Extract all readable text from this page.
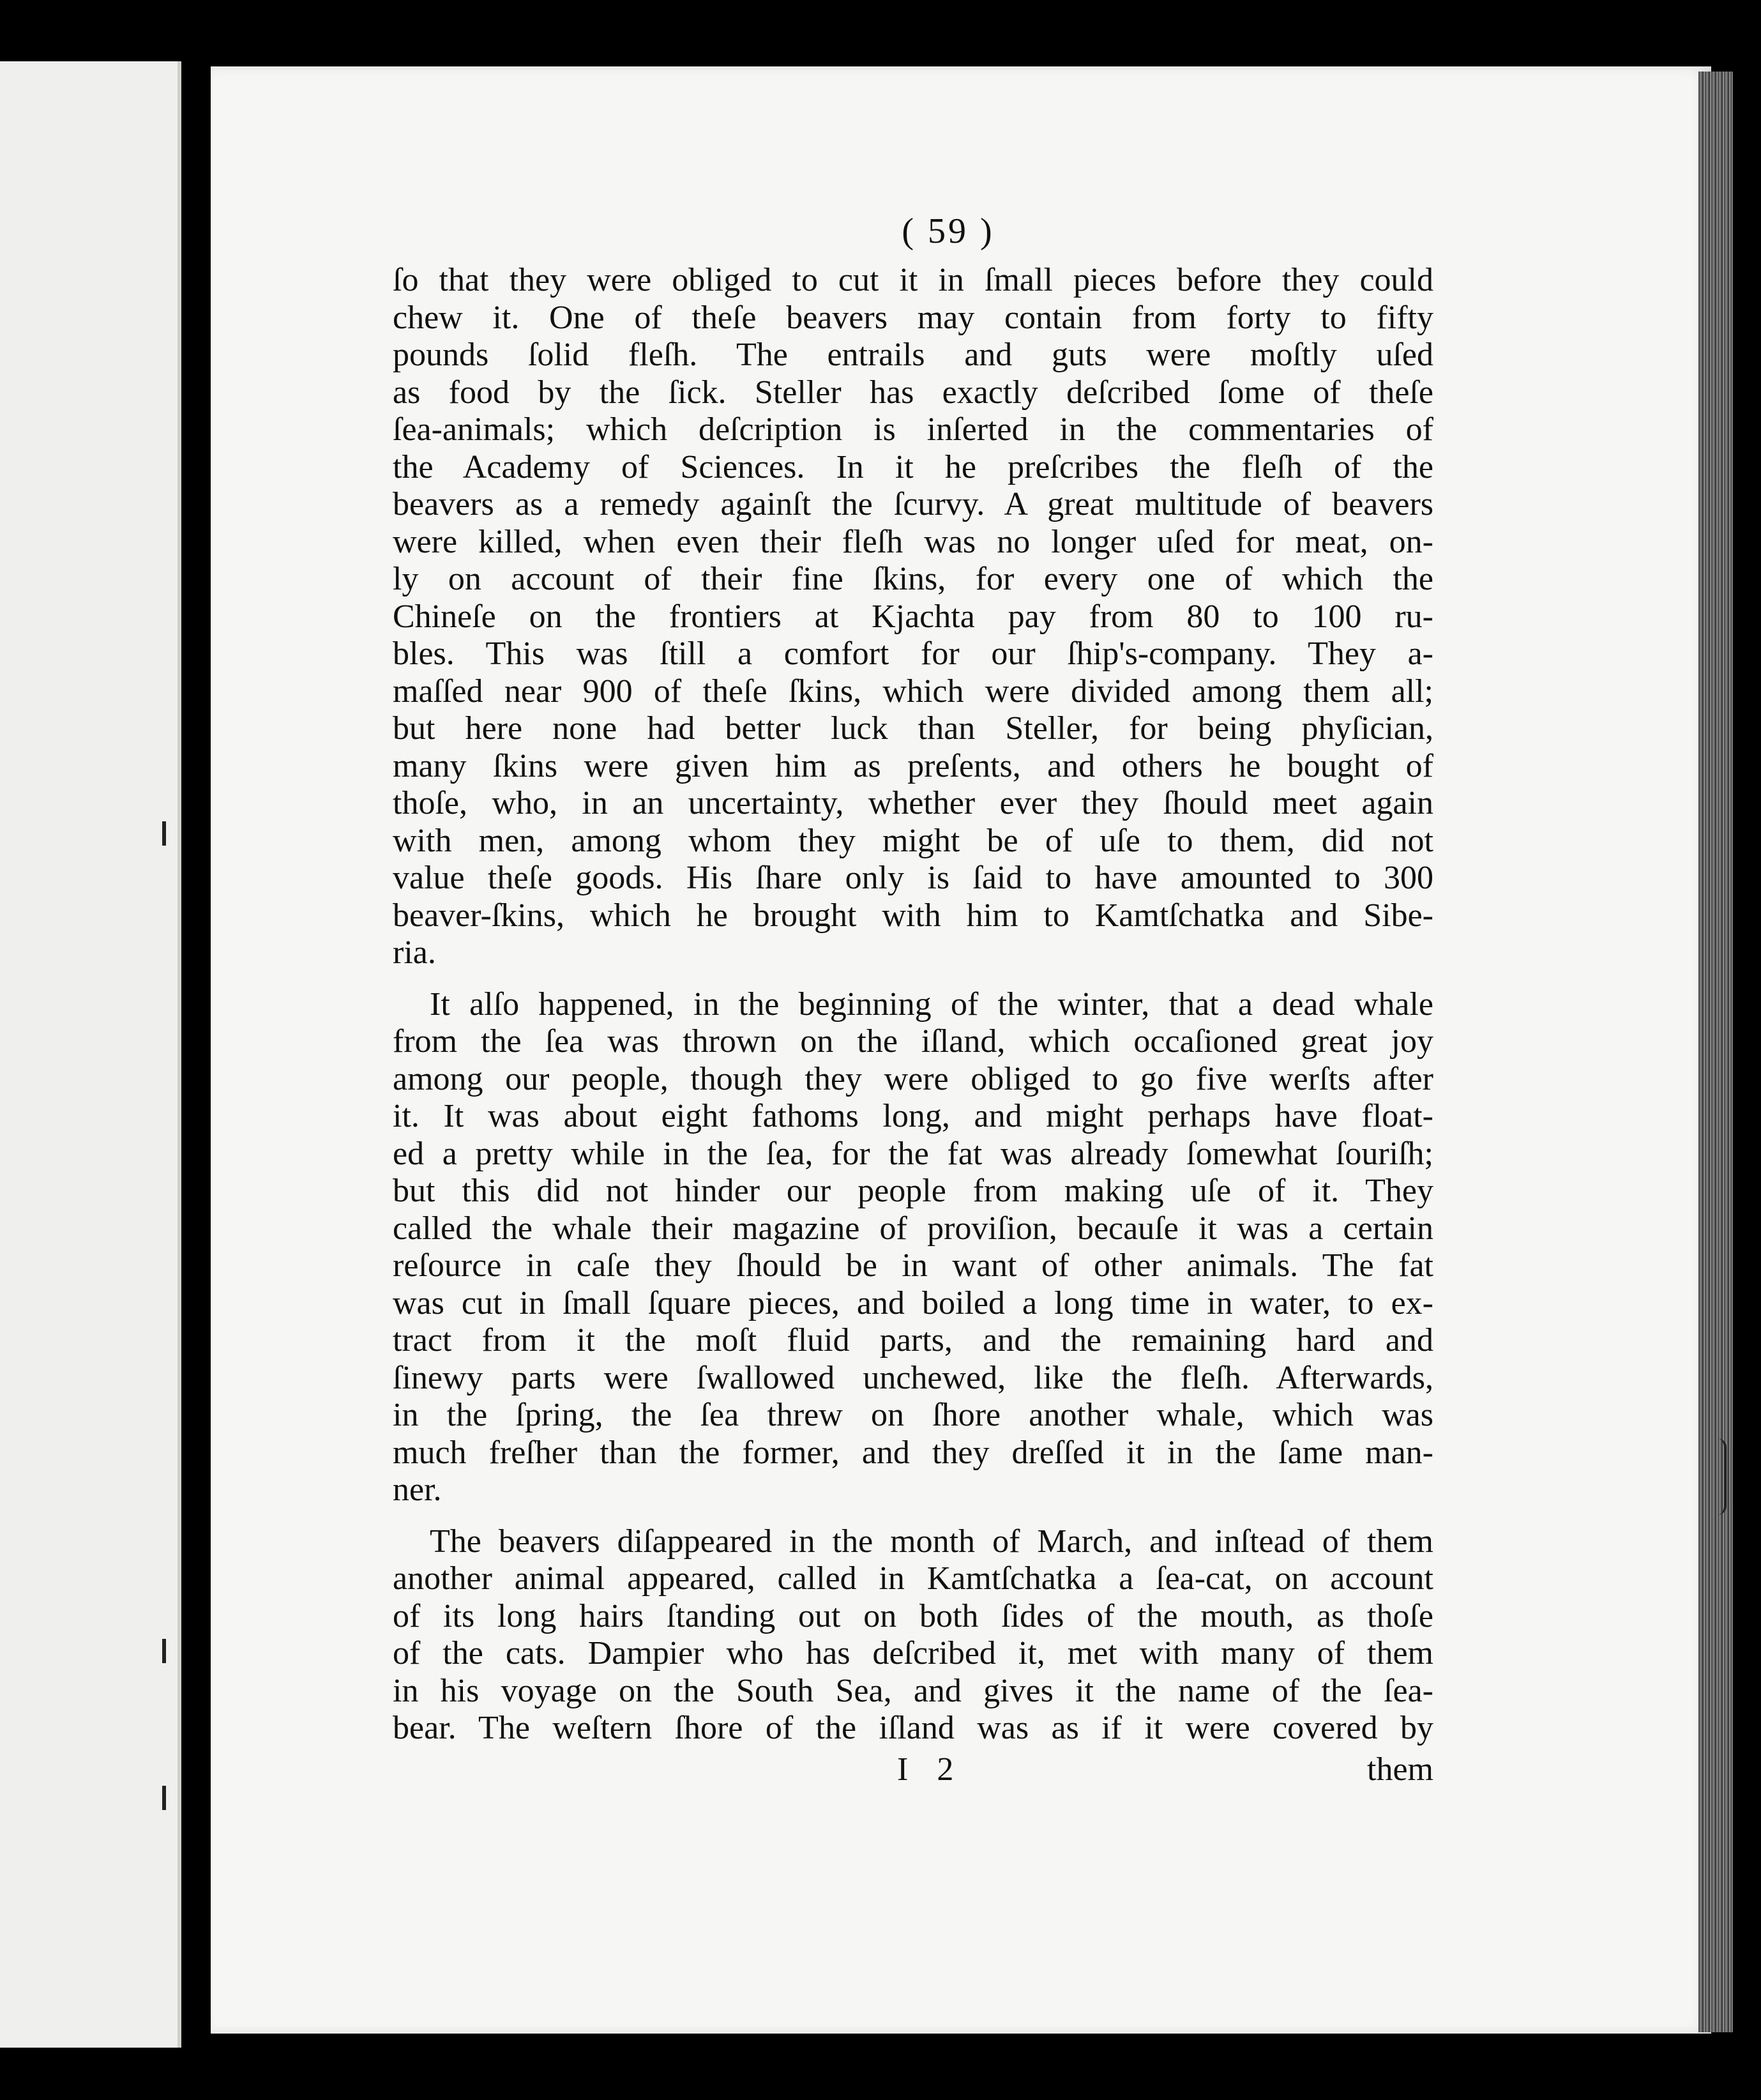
( 59 )
ſo that they were obliged to cut it in ſmall pieces before they could
chew it. One of theſe beavers may contain from forty to fifty
pounds ſolid fleſh. The entrails and guts were moſtly uſed
as food by the ſick. Steller has exactly deſcribed ſome of theſe
ſea-animals; which deſcription is inſerted in the commentaries of
the Academy of Sciences. In it he preſcribes the fleſh of the
beavers as a remedy againſt the ſcurvy. A great multitude of beavers
were killed, when even their fleſh was no longer uſed for meat, on-
ly on account of their fine ſkins, for every one of which the
Chineſe on the frontiers at Kjachta pay from 80 to 100 ru-
bles. This was ſtill a comfort for our ſhip's-company. They a-
maſſed near 900 of theſe ſkins, which were divided among them all;
but here none had better luck than Steller, for being phyſician,
many ſkins were given him as preſents, and others he bought of
thoſe, who, in an uncertainty, whether ever they ſhould meet again
with men, among whom they might be of uſe to them, did not
value theſe goods. His ſhare only is ſaid to have amounted to 300
beaver-ſkins, which he brought with him to Kamtſchatka and Sibe-
ria.
It alſo happened, in the beginning of the winter, that a dead whale
from the ſea was thrown on the iſland, which occaſioned great joy
among our people, though they were obliged to go five werſts after
it. It was about eight fathoms long, and might perhaps have float-
ed a pretty while in the ſea, for the fat was already ſomewhat ſouriſh;
but this did not hinder our people from making uſe of it. They
called the whale their magazine of proviſion, becauſe it was a certain
reſource in caſe they ſhould be in want of other animals. The fat
was cut in ſmall ſquare pieces, and boiled a long time in water, to ex-
tract from it the moſt fluid parts, and the remaining hard and
ſinewy parts were ſwallowed unchewed, like the fleſh. Afterwards,
in the ſpring, the ſea threw on ſhore another whale, which was
much freſher than the former, and they dreſſed it in the ſame man-
ner.
The beavers diſappeared in the month of March, and inſtead of them
another animal appeared, called in Kamtſchatka a ſea-cat, on account
of its long hairs ſtanding out on both ſides of the mouth, as thoſe
of the cats. Dampier who has deſcribed it, met with many of them
in his voyage on the South Sea, and gives it the name of the ſea-
bear. The weſtern ſhore of the iſland was as if it were covered by
I 2	them
